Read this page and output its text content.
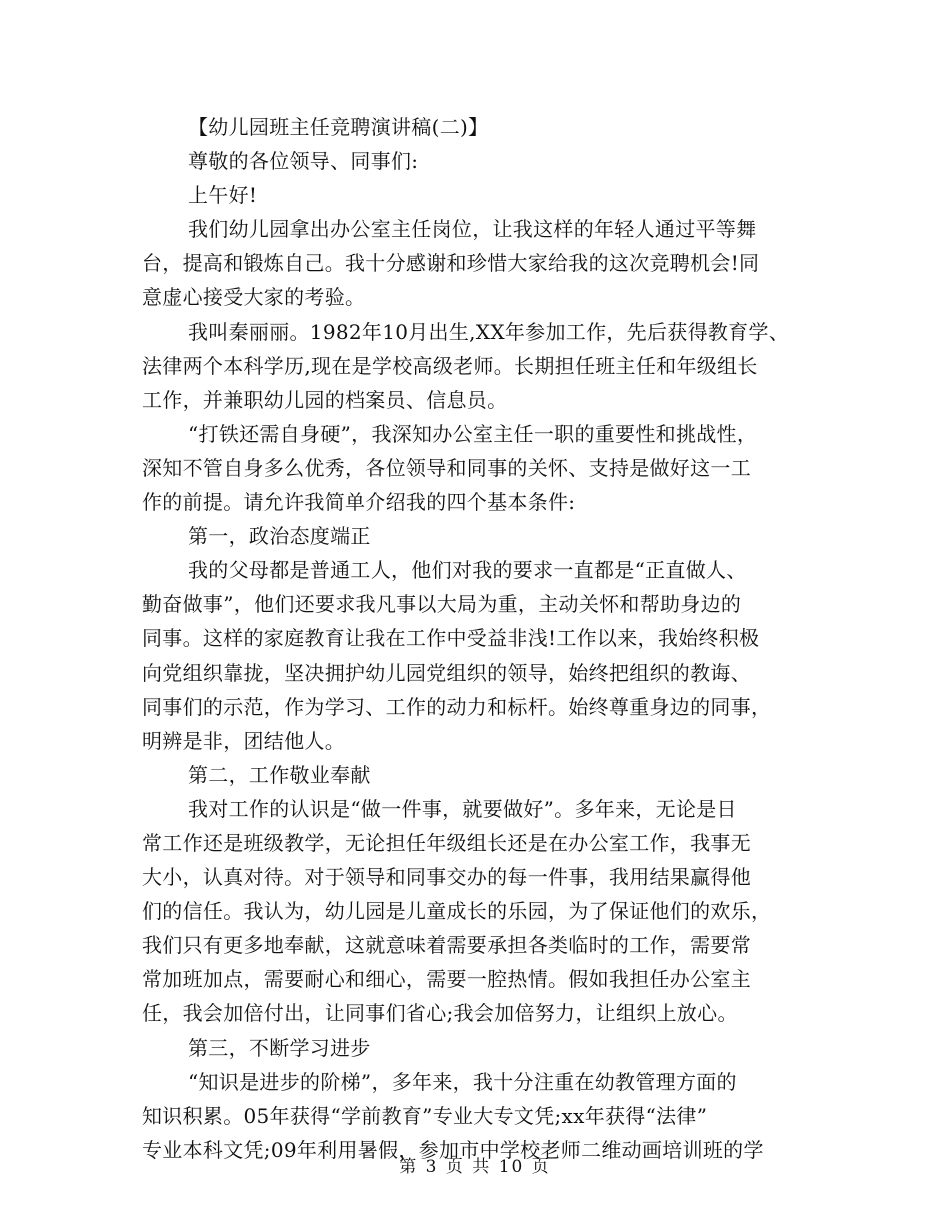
【幼儿园班主任竞聘演讲稿(二)】
尊敬的各位领导、同事们:
上午好!
我们幼儿园拿出办公室主任岗位，让我这样的年轻人通过平等舞
台，提高和锻炼自己。我十分感谢和珍惜大家给我的这次竞聘机会!同
意虚心接受大家的考验。
我叫秦丽丽。1982年10月出生,XX年参加工作，先后获得教育学、
法律两个本科学历,现在是学校高级老师。长期担任班主任和年级组长
工作，并兼职幼儿园的档案员、信息员。
“打铁还需自身硬”，我深知办公室主任一职的重要性和挑战性，
深知不管自身多么优秀，各位领导和同事的关怀、支持是做好这一工
作的前提。请允许我简单介绍我的四个基本条件:
第一，政治态度端正
我的父母都是普通工人，他们对我的要求一直都是“正直做人、
勤奋做事”，他们还要求我凡事以大局为重，主动关怀和帮助身边的
同事。这样的家庭教育让我在工作中受益非浅!工作以来，我始终积极
向党组织靠拢，坚决拥护幼儿园党组织的领导，始终把组织的教诲、
同事们的示范，作为学习、工作的动力和标杆。始终尊重身边的同事，
明辨是非，团结他人。
第二，工作敬业奉献
我对工作的认识是“做一件事，就要做好”。多年来，无论是日
常工作还是班级教学，无论担任年级组长还是在办公室工作，我事无
大小，认真对待。对于领导和同事交办的每一件事，我用结果赢得他
们的信任。我认为，幼儿园是儿童成长的乐园，为了保证他们的欢乐，
我们只有更多地奉献，这就意味着需要承担各类临时的工作，需要常
常加班加点，需要耐心和细心，需要一腔热情。假如我担任办公室主
任，我会加倍付出，让同事们省心;我会加倍努力，让组织上放心。
第三，不断学习进步
“知识是进步的阶梯”，多年来，我十分注重在幼教管理方面的
知识积累。05年获得“学前教育”专业大专文凭;xx年获得“法律”
专业本科文凭;09年利用暑假，参加市中学校老师二维动画培训班的学
第 3 页 共 10 页
